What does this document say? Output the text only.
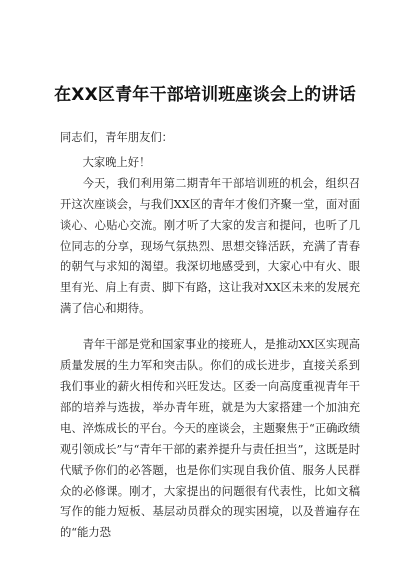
在XX区青年干部培训班座谈会上的讲话

同志们，青年朋友们：

大家晚上好！

今天，我们利用第二期青年干部培训班的机会，组织召开这次座谈会，与我们XX区的青年才俊们齐聚一堂，面对面谈心、心贴心交流。刚才听了大家的发言和提问，也听了几位同志的分享，现场气氛热烈、思想交锋活跃，充满了青春的朝气与求知的渴望。我深切地感受到，大家心中有火、眼里有光、肩上有责、脚下有路，这让我对XX区未来的发展充满了信心和期待。

青年干部是党和国家事业的接班人，是推动XX区实现高质量发展的生力军和突击队。你们的成长进步，直接关系到我们事业的薪火相传和兴旺发达。区委一向高度重视青年干部的培养与选拔，举办青年班，就是为大家搭建一个加油充电、淬炼成长的平台。今天的座谈会，主题聚焦于“正确政绩观引领成长”与“青年干部的素养提升与责任担当”，这既是时代赋予你们的必答题，也是你们实现自我价值、服务人民群众的必修课。刚才，大家提出的问题很有代表性，比如文稿写作的能力短板、基层动员群众的现实困境，以及普遍存在的“能力恐
